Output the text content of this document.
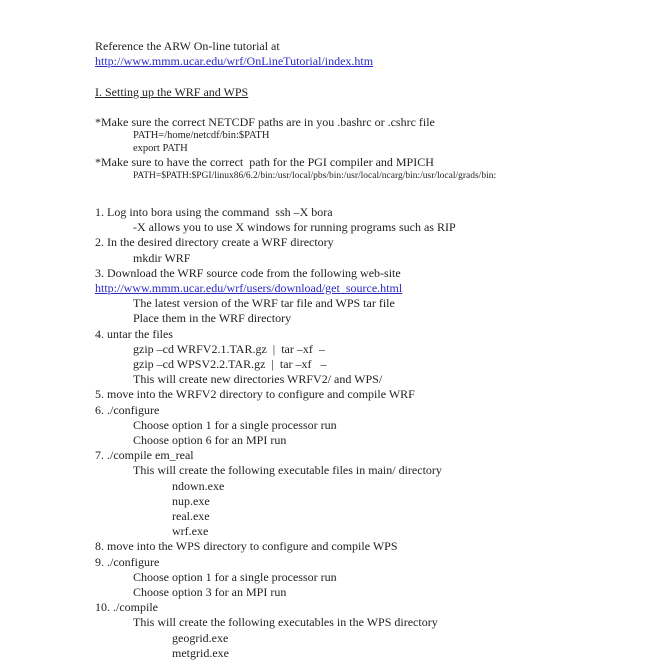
Reference the ARW On-line tutorial at
http://www.mmm.ucar.edu/wrf/OnLineTutorial/index.htm
I. Setting up the WRF and WPS
*Make sure the correct NETCDF paths are in you .bashrc or .cshrc file
PATH=/home/netcdf/bin:$PATH
export PATH
*Make sure to have the correct  path for the PGI compiler and MPICH
PATH=$PATH:$PGI/linux86/6.2/bin:/usr/local/pbs/bin:/usr/local/ncarg/bin:/usr/local/grads/bin:
1. Log into bora using the command  ssh –X bora
-X allows you to use X windows for running programs such as RIP
2. In the desired directory create a WRF directory
mkdir WRF
3. Download the WRF source code from the following web-site
http://www.mmm.ucar.edu/wrf/users/download/get_source.html
The latest version of the WRF tar file and WPS tar file
Place them in the WRF directory
4. untar the files
gzip –cd WRFV2.1.TAR.gz  |  tar –xf  –
gzip –cd WPSV2.2.TAR.gz  |  tar –xf   –
This will create new directories WRFV2/ and WPS/
5. move into the WRFV2 directory to configure and compile WRF
6. ./configure
Choose option 1 for a single processor run
Choose option 6 for an MPI run
7. ./compile em_real
This will create the following executable files in main/ directory
ndown.exe
nup.exe
real.exe
wrf.exe
8. move into the WPS directory to configure and compile WPS
9. ./configure
Choose option 1 for a single processor run
Choose option 3 for an MPI run
10. ./compile
This will create the following executables in the WPS directory
geogrid.exe
metgrid.exe
